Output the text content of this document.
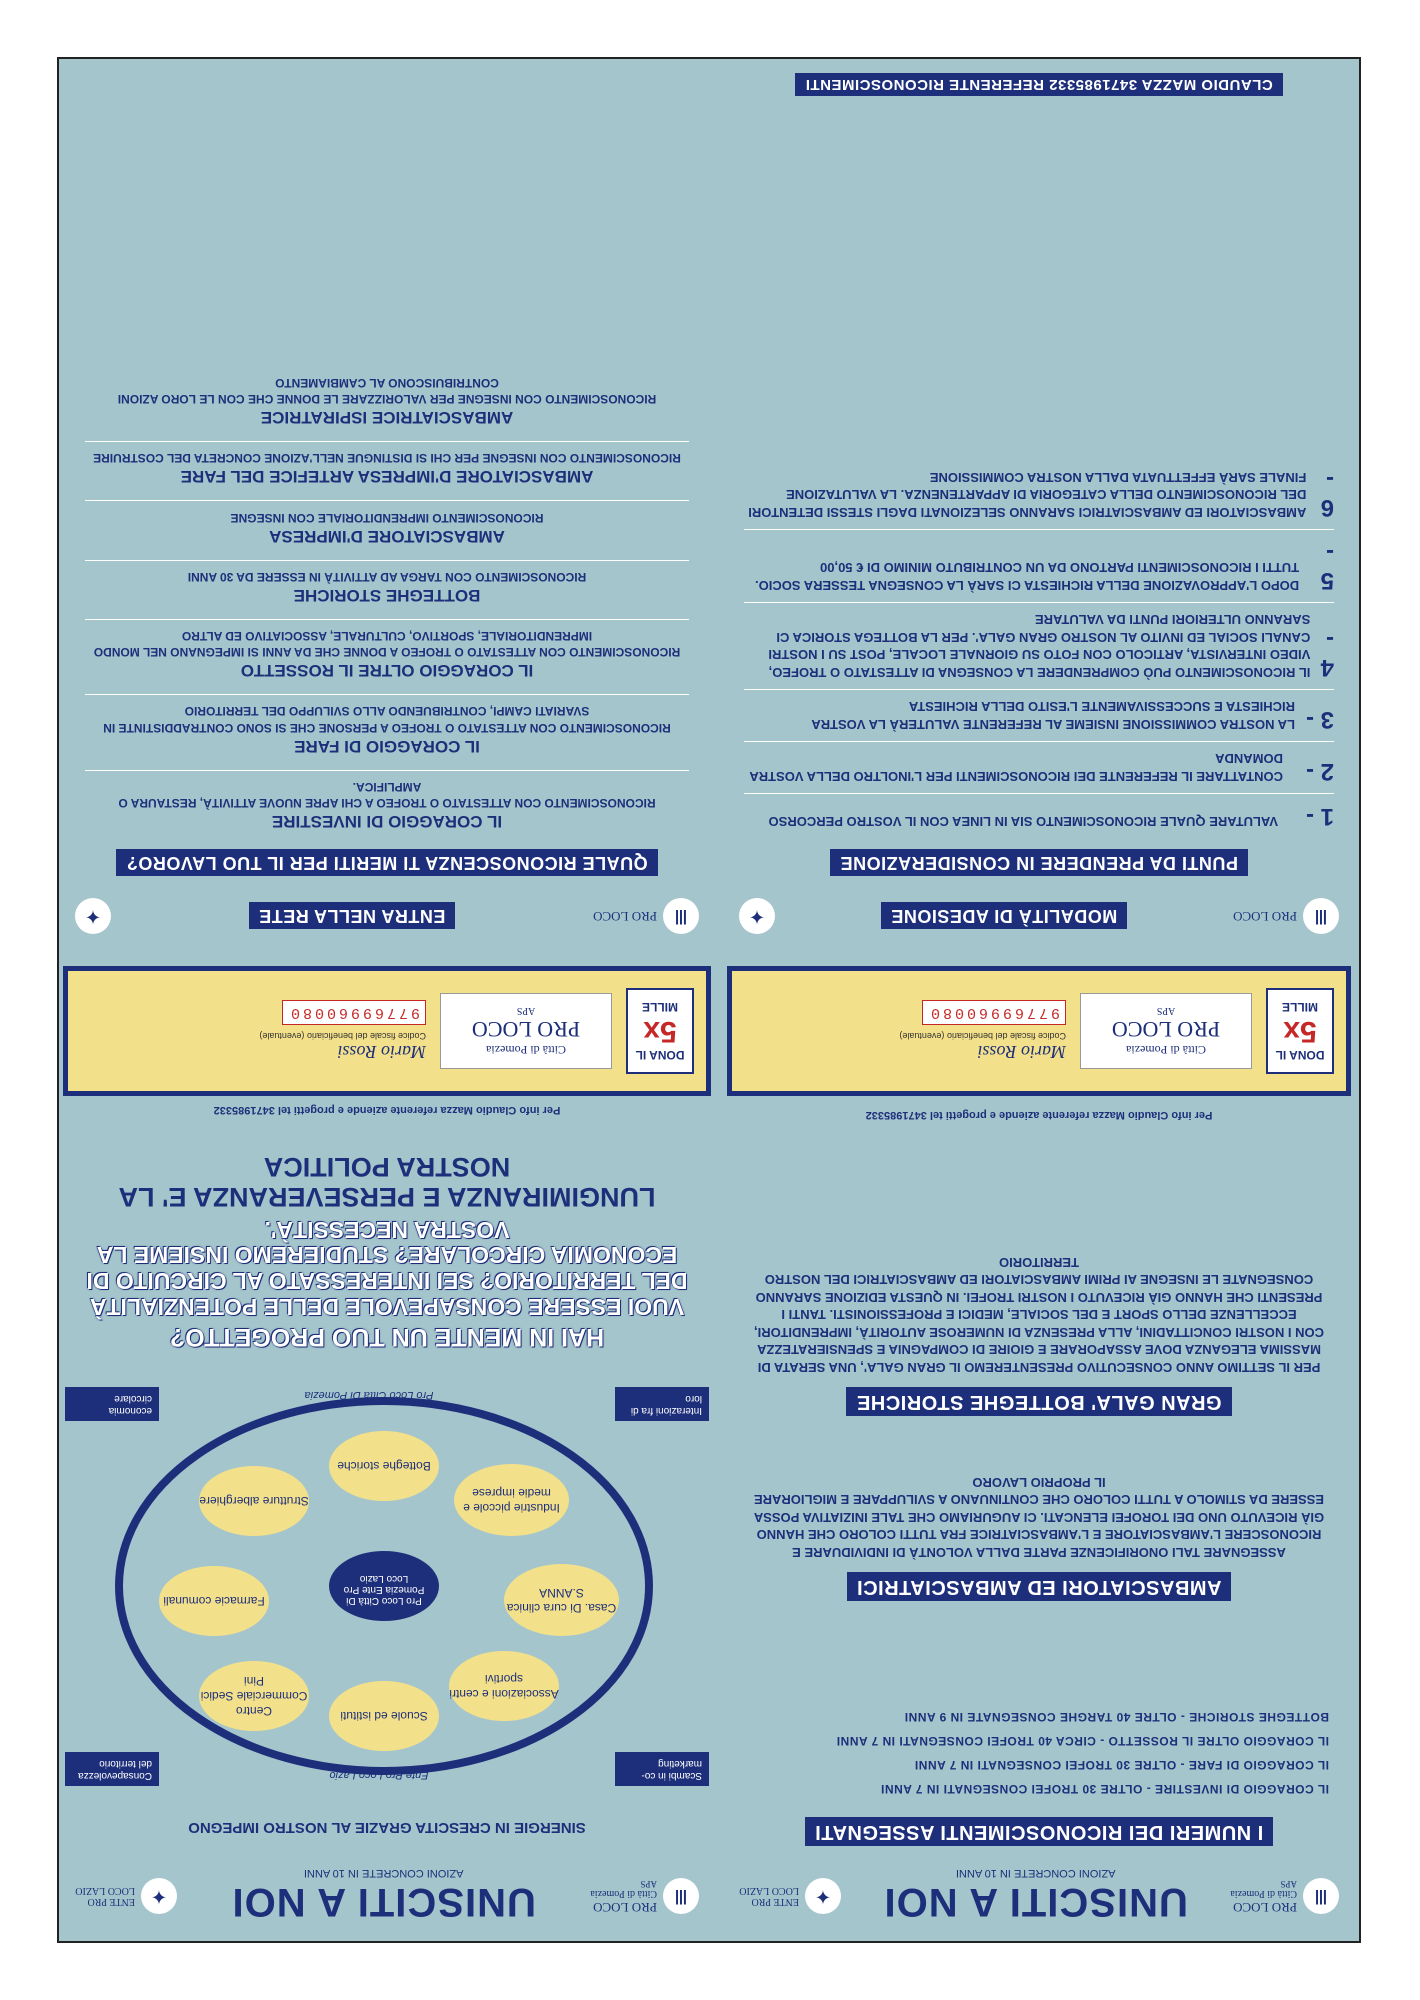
Ⅲ
PRO LOCO
Città di Pomezia
APS
UNISCITI A NOI
AZIONI CONCRETE IN 10 ANNI
✦
ENTE PRO LOCO LAZIO
I NUMERI DEI RICONOSCIMENTI ASSEGNATI
IL CORAGGIO DI INVESTIRE - OLTRE 30 TROFEI CONSEGNATI IN 7 ANNI
IL CORAGGIO DI FARE - OLTRE 30 TROFEI CONSEGNATI IN 7 ANNI
IL CORAGGIO OLTRE IL ROSSETTO - CIRCA 40 TROFEI CONSEGNATI IN 7 ANNI
BOTTEGHE STORICHE - OLTRE 40 TARGHE CONSEGNATE IN 9 ANNI
AMBASCIATORI ED AMBASCIATRICI
ASSEGNARE TALI ONORIFICENZE PARTE DALLA VOLONTÀ DI INDIVIDUARE E RICONOSCERE L'AMBASCIATORE E L'AMBASCIATRICE FRA TUTTI COLORO CHE HANNO GIÀ RICEVUTO UNO DEI TOROFEI ELENCATI. CI AUGURIAMO CHE TALE INIZIATIVA POSSA ESSERE DA STIMOLO A TUTTI COLORO CHE CONTINUANO A SVILUPPARE E MIGLIORARE IL PROPRIO LAVORO
GRAN GALA' BOTTEGHE STORICHE
PER IL SETTIMO ANNO CONSECUTIVO PRESENTEREMO IL GRAN GALA', UNA SERATA DI MASSIMA ELEGANZA DOVE ASSAPORARE E GIOIRE DI COMPAGNIA E SPENSIERATEZZA CON I NOSTRI CONCITTADINI, ALLA PRESENZA DI NUMEROSE AUTORITÀ, IMPRENDITORI, ECCELLENZE DELLO SPORT E DEL SOCIALE, MEDICI E PROFESSIONISTI. TANTI I PRESENTI CHE HANNO GIÀ RICEVUTO I NOSTRI TROFEI. IN QUESTA EDIZIONE SARANNO CONSEGNATE LE INSEGNE AI PRIMI AMBASCIATORI ED AMBASCIATRICI DEL NOSTRO TERRITORIO
Per info Claudio Mazza referente aziende e progetti tel 3471985332
DONA IL
5x
MILLE
Città di Pomezia
PRO LOCO
APS
Mario Rossi
Codice fiscale del beneficiario (eventuale)
97769960080
Ⅲ
PRO LOCO
MODALITÀ DI ADESIONE
✦
PUNTI DA PRENDERE IN CONSIDERAZIONE
1 -
VALUTARE QUALE RICONOSCIMENTO SIA IN LINEA CON IL VOSTRO PERCORSO
2 -
CONTATTARE IL REFERENTE DEI RICONOSCIMENTI PER L'INOLTRO DELLA VOSTRA DOMANDA
3 -
LA NOSTRA COMMISSIONE INSIEME AL REFERENTE VALUTERÀ LA VOSTRA RICHIESTA E SUCCESSIVAMENTE L'ESITO DELLA RICHIESTA
4 -
IL RICONOSCIMENTO PUÒ COMPRENDERE LA CONSEGNA DI ATTESTATO O TROFEO, VIDEO INTERVISTA, ARTICOLO CON FOTO SU GIORNALE LOCALE, POST SU I NOSTRI CANALI SOCIAL ED INVITO AL NOSTRO GRAN GALA'. PER LA BOTTEGA STORICA CI SARANNO ULTERIORI PUNTI DA VALUTARE
5 -
DOPO L'APPROVAZIONE DELLA RICHIESTA CI SARÀ LA CONSEGNA TESSERA SOCIO. TUTTI I RICONOSCIMENTI PARTONO DA UN CONTRIBUTO MINIMO DI € 50,00
6 -
AMBASCIATORI ED AMBASCIATRICI SARANNO SELEZIONATI DAGLI STESSI DETENTORI DEL RICONOSCIMENTO DELLA CATEGORIA DI APPARTENENZA. LA VALUTAZIONE FINALE SARÀ EFFETTUATA DALLA NOSTRA COMMISSIONE
CLAUDIO MAZZA 3471985332 REFERENTE RICONOSCIMENTI
Ⅲ
PRO LOCO
Città di Pomezia
APS
UNISCITI A NOI
AZIONI CONCRETE IN 10 ANNI
✦
ENTE PRO LOCO LAZIO
SINERGIE IN CRESCITA GRAZIE AL NOSTRO IMPEGNO
Pro Loco Città Di Pomezia Ente Pro Loco Lazio
Ente Pro Loco Lazio
Pro Loco Città Di Pomezia
Scuole ed istituti
Associazioni e centri sportivi
Casa. Di cura clinica S.ANNA
Industrie piccole e medie imprese
Botteghe storiche
Strutture alberghiere
Farmacie comunali
Centro Commerciale Sedici Pini
Scambi in co-marketing
Consapevolezza del territorio
Interazioni fra di loro
economia circolare
HAI IN MENTE UN TUO PROGETTO?
VUOI ESSERE CONSAPEVOLE DELLE POTENZIALITÀ DEL TERRITORIO? SEI INTERESSATO AL CIRCUITO DI ECONOMIA CIRCOLARE? STUDIEREMO INSIEME LA VOSTRA NECESSITÀ'.
LUNGIMIRANZA E PERSEVERANZA E' LA NOSTRA POLITICA
Per info Claudio Mazza referente aziende e progetti tel 3471985332
DONA IL
5x
MILLE
Città di Pomezia
PRO LOCO
APS
Mario Rossi
Codice fiscale del beneficiario (eventuale)
97769960080
Ⅲ
PRO LOCO
ENTRA NELLA RETE
✦
QUALE RICONOSCENZA TI MERITI PER IL TUO LAVORO?
IL CORAGGIO DI INVESTIRE
RICONOSCIMENTO CON ATTESTATO O TROFEO A CHI APRE NUOVE ATTIVITÀ, RESTAURA O AMPLIFICA.
IL CORAGGIO DI FARE
RICONOSCIMENTO CON ATTESTATO O TROFEO A PERSONE CHE SI SONO CONTRADDISTINTE IN SVARIATI CAMPI, CONTRIBUENDO ALLO SVILUPPO DEL TERRITORIO
IL CORAGGIO OLTRE IL ROSSETTO
RICONOSCIMENTO CON ATTESTATO O TROFEO A DONNE CHE DA ANNI SI IMPEGNANO NEL MONDO IMPRENDITORIALE, SPORTIVO, CULTURALE, ASSOCIATIVO ED ALTRO
BOTTEGHE STORICHE
RICONOSCIMENTO CON TARGA AD ATTIVITÀ IN ESSERE DA 30 ANNI
AMBASCIATORE D'IMPRESA
RICONOSCIMENTO IMPRENDITORIALE CON INSEGNE
AMBASCIATORE D'IMPRESA ARTEFICE DEL FARE
RICONOSCIMENTO CON INSEGNE PER CHI SI DISTINGUE NELL'AZIONE CONCRETA DEL COSTRUIRE
AMBASCIATRICE ISPIRATRICE
RICONOSCIMENTO CON INSEGNE PER VALORIZZARE LE DONNE CHE CON LE LORO AZIONI CONTRIBUISCONO AL CAMBIAMENTO
